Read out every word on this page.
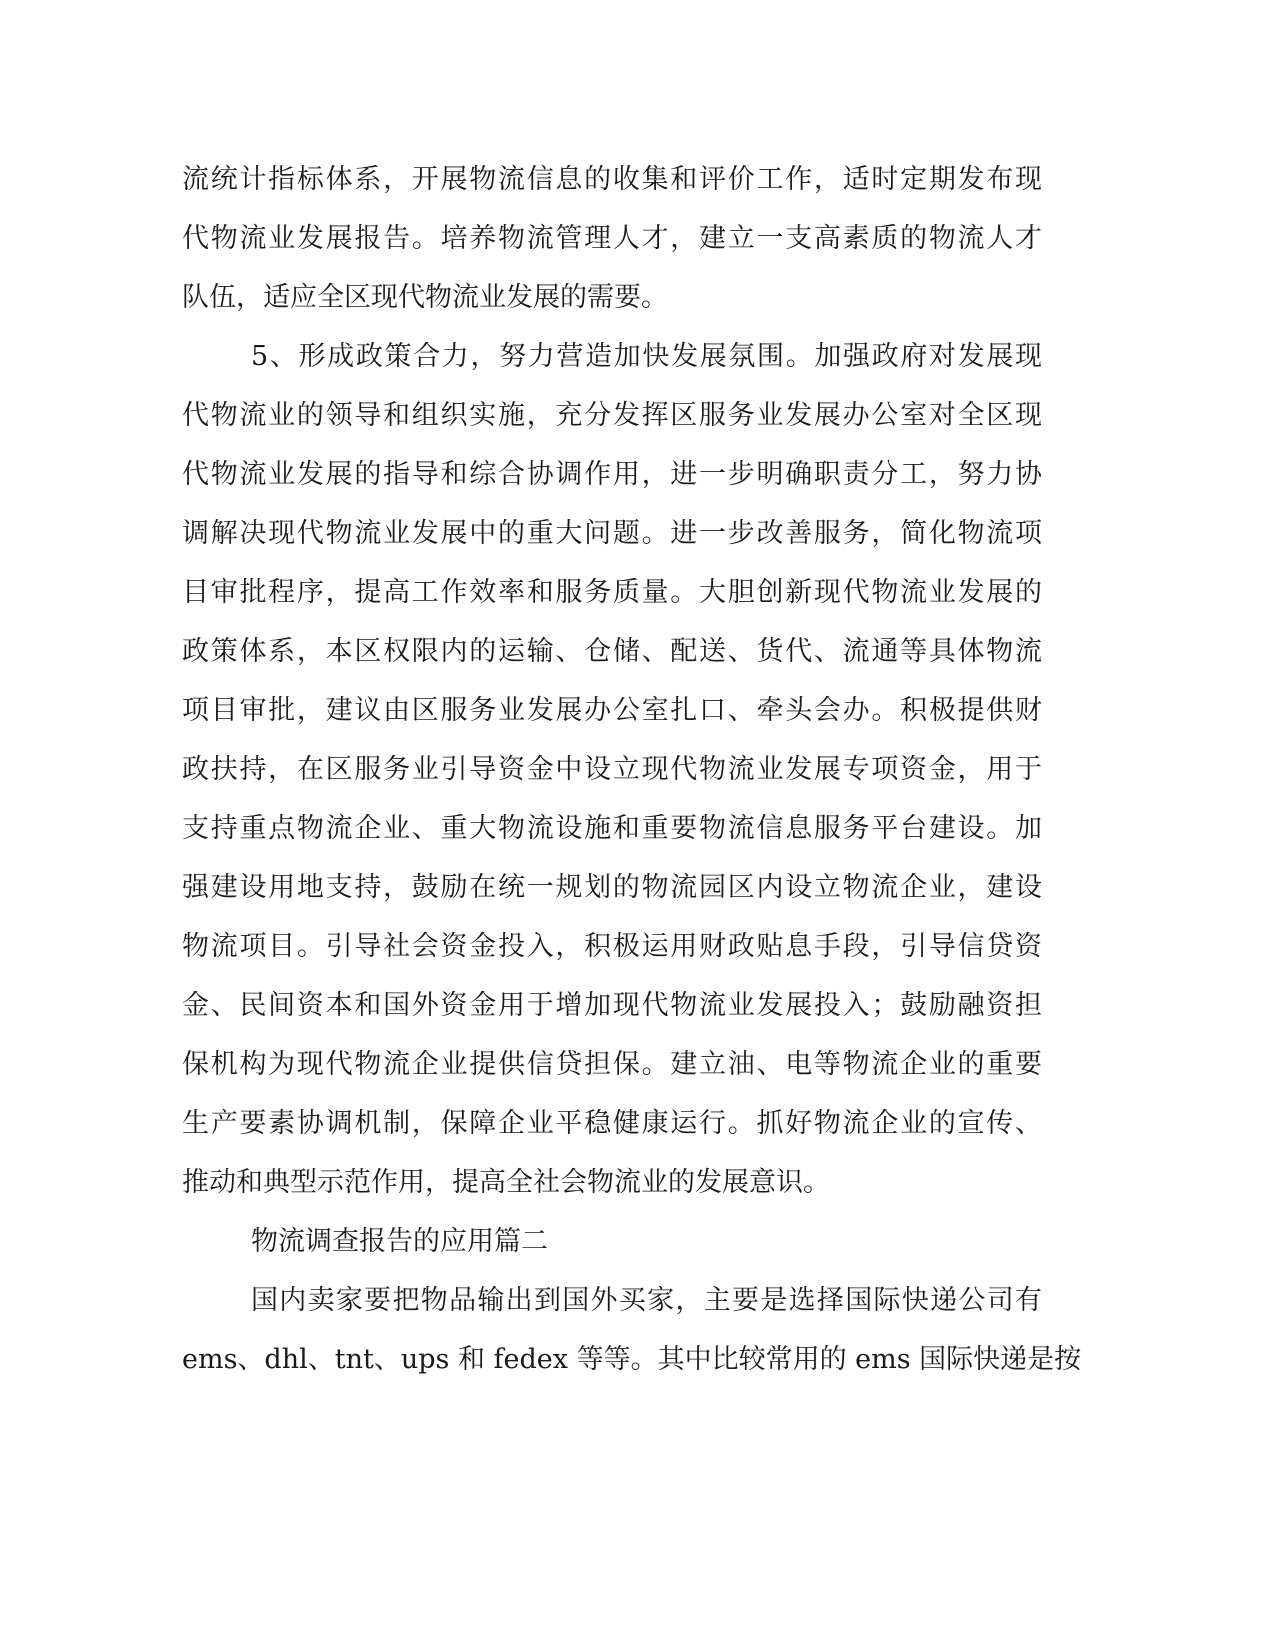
流统计指标体系，开展物流信息的收集和评价工作，适时定期发布现
代物流业发展报告。培养物流管理人才，建立一支高素质的物流人才
队伍，适应全区现代物流业发展的需要。
5、形成政策合力，努力营造加快发展氛围。加强政府对发展现
代物流业的领导和组织实施，充分发挥区服务业发展办公室对全区现
代物流业发展的指导和综合协调作用，进一步明确职责分工，努力协
调解决现代物流业发展中的重大问题。进一步改善服务，简化物流项
目审批程序，提高工作效率和服务质量。大胆创新现代物流业发展的
政策体系，本区权限内的运输、仓储、配送、货代、流通等具体物流
项目审批，建议由区服务业发展办公室扎口、牵头会办。积极提供财
政扶持，在区服务业引导资金中设立现代物流业发展专项资金，用于
支持重点物流企业、重大物流设施和重要物流信息服务平台建设。加
强建设用地支持，鼓励在统一规划的物流园区内设立物流企业，建设
物流项目。引导社会资金投入，积极运用财政贴息手段，引导信贷资
金、民间资本和国外资金用于增加现代物流业发展投入；鼓励融资担
保机构为现代物流企业提供信贷担保。建立油、电等物流企业的重要
生产要素协调机制，保障企业平稳健康运行。抓好物流企业的宣传、
推动和典型示范作用，提高全社会物流业的发展意识。
物流调查报告的应用篇二
国内卖家要把物品输出到国外买家，主要是选择国际快递公司有
ems、dhl、tnt、ups 和 fedex 等等。其中比较常用的 ems 国际快递是按
